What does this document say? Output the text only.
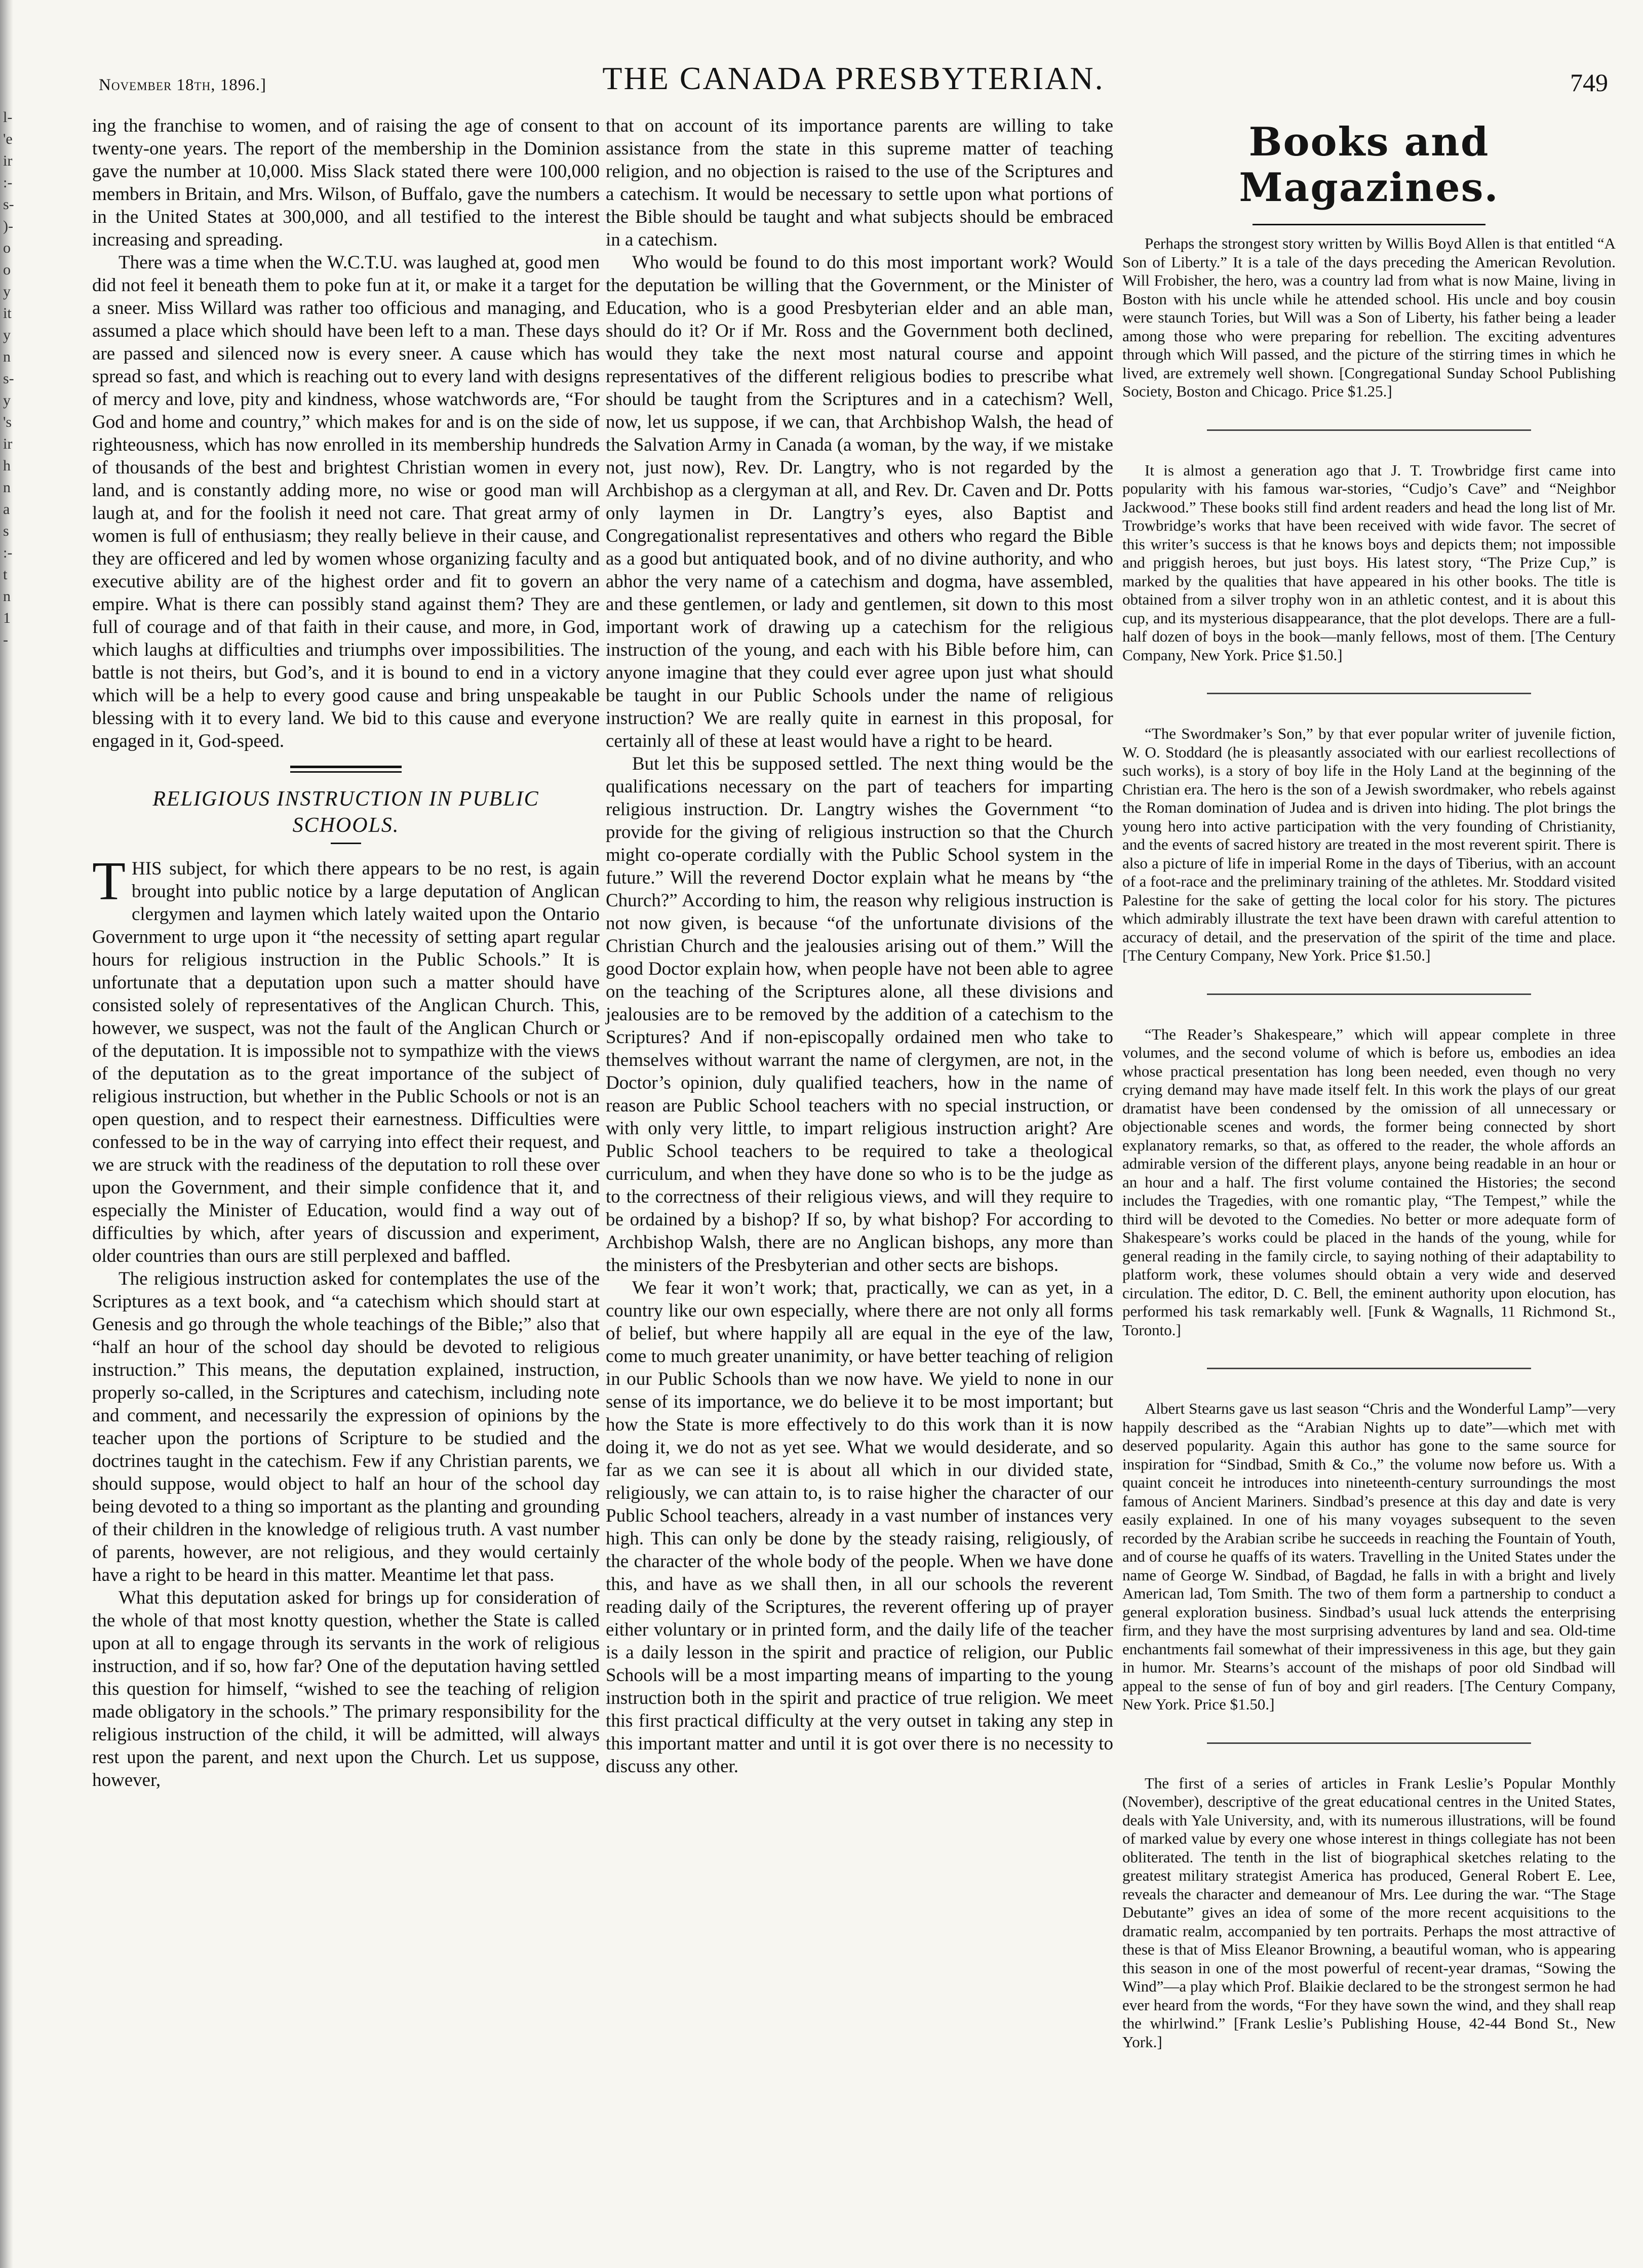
l-
'e
ir
:-
s-
)-
o
o
y
it
y
n
s-
y
's
ir
h
n
a
s
:-
t
n
1
-
November 18th, 1896.]	THE CANADA PRESBYTERIAN.	749

ing the franchise to women, and of raising the age of consent to twenty-one years. The report of the membership in the Dominion gave the number at 10,000. Miss Slack stated there were 100,000 members in Britain, and Mrs. Wilson, of Buffalo, gave the numbers in the United States at 300,000, and all testified to the interest increasing and spreading.

There was a time when the W.C.T.U. was laughed at, good men did not feel it beneath them to poke fun at it, or make it a target for a sneer. Miss Willard was rather too officious and managing, and assumed a place which should have been left to a man. These days are passed and silenced now is every sneer. A cause which has spread so fast, and which is reaching out to every land with designs of mercy and love, pity and kindness, whose watchwords are, “For God and home and country,” which makes for and is on the side of righteousness, which has now enrolled in its membership hundreds of thousands of the best and brightest Christian women in every land, and is constantly adding more, no wise or good man will laugh at, and for the foolish it need not care. That great army of women is full of enthusiasm; they really believe in their cause, and they are officered and led by women whose organizing faculty and executive ability are of the highest order and fit to govern an empire. What is there can possibly stand against them? They are full of courage and of that faith in their cause, and more, in God, which laughs at difficulties and triumphs over impossibilities. The battle is not theirs, but God’s, and it is bound to end in a victory which will be a help to every good cause and bring unspeakable blessing with it to every land. We bid to this cause and everyone engaged in it, God-speed.

RELIGIOUS INSTRUCTION IN PUBLIC SCHOOLS.

THIS subject, for which there appears to be no rest, is again brought into public notice by a large deputation of Anglican clergymen and laymen which lately waited upon the Ontario Government to urge upon it “the necessity of setting apart regular hours for religious instruction in the Public Schools.” It is unfortunate that a deputation upon such a matter should have consisted solely of representatives of the Anglican Church. This, however, we suspect, was not the fault of the Anglican Church or of the deputation. It is impossible not to sympathize with the views of the deputation as to the great importance of the subject of religious instruction, but whether in the Public Schools or not is an open question, and to respect their earnestness. Difficulties were confessed to be in the way of carrying into effect their request, and we are struck with the readiness of the deputation to roll these over upon the Government, and their simple confidence that it, and especially the Minister of Education, would find a way out of difficulties by which, after years of discussion and experiment, older countries than ours are still perplexed and baffled.

The religious instruction asked for contemplates the use of the Scriptures as a text book, and “a catechism which should start at Genesis and go through the whole teachings of the Bible;” also that “half an hour of the school day should be devoted to religious instruction.” This means, the deputation explained, instruction, properly so-called, in the Scriptures and catechism, including note and comment, and necessarily the expression of opinions by the teacher upon the portions of Scripture to be studied and the doctrines taught in the catechism. Few if any Christian parents, we should suppose, would object to half an hour of the school day being devoted to a thing so important as the planting and grounding of their children in the knowledge of religious truth. A vast number of parents, however, are not religious, and they would certainly have a right to be heard in this matter. Meantime let that pass.

What this deputation asked for brings up for consideration of the whole of that most knotty question, whether the State is called upon at all to engage through its servants in the work of religious instruction, and if so, how far? One of the deputation having settled this question for himself, “wished to see the teaching of religion made obligatory in the schools.” The primary responsibility for the religious instruction of the child, it will be admitted, will always rest upon the parent, and next upon the Church. Let us suppose, however,

that on account of its importance parents are willing to take assistance from the state in this supreme matter of teaching religion, and no objection is raised to the use of the Scriptures and a catechism. It would be necessary to settle upon what portions of the Bible should be taught and what subjects should be embraced in a catechism.

Who would be found to do this most important work? Would the deputation be willing that the Government, or the Minister of Education, who is a good Presbyterian elder and an able man, should do it? Or if Mr. Ross and the Government both declined, would they take the next most natural course and appoint representatives of the different religious bodies to prescribe what should be taught from the Scriptures and in a catechism? Well, now, let us suppose, if we can, that Archbishop Walsh, the head of the Salvation Army in Canada (a woman, by the way, if we mistake not, just now), Rev. Dr. Langtry, who is not regarded by the Archbishop as a clergyman at all, and Rev. Dr. Caven and Dr. Potts only laymen in Dr. Langtry’s eyes, also Baptist and Congregationalist representatives and others who regard the Bible as a good but antiquated book, and of no divine authority, and who abhor the very name of a catechism and dogma, have assembled, and these gentlemen, or lady and gentlemen, sit down to this most important work of drawing up a catechism for the religious instruction of the young, and each with his Bible before him, can anyone imagine that they could ever agree upon just what should be taught in our Public Schools under the name of religious instruction? We are really quite in earnest in this proposal, for certainly all of these at least would have a right to be heard.

But let this be supposed settled. The next thing would be the qualifications necessary on the part of teachers for imparting religious instruction. Dr. Langtry wishes the Government “to provide for the giving of religious instruction so that the Church might co-operate cordially with the Public School system in the future.” Will the reverend Doctor explain what he means by “the Church?” According to him, the reason why religious instruction is not now given, is because “of the unfortunate divisions of the Christian Church and the jealousies arising out of them.” Will the good Doctor explain how, when people have not been able to agree on the teaching of the Scriptures alone, all these divisions and jealousies are to be removed by the addition of a catechism to the Scriptures? And if non-episcopally ordained men who take to themselves without warrant the name of clergymen, are not, in the Doctor’s opinion, duly qualified teachers, how in the name of reason are Public School teachers with no special instruction, or with only very little, to impart religious instruction aright? Are Public School teachers to be required to take a theological curriculum, and when they have done so who is to be the judge as to the correctness of their religious views, and will they require to be ordained by a bishop? If so, by what bishop? For according to Archbishop Walsh, there are no Anglican bishops, any more than the ministers of the Presbyterian and other sects are bishops.

We fear it won’t work; that, practically, we can as yet, in a country like our own especially, where there are not only all forms of belief, but where happily all are equal in the eye of the law, come to much greater unanimity, or have better teaching of religion in our Public Schools than we now have. We yield to none in our sense of its importance, we do believe it to be most important; but how the State is more effectively to do this work than it is now doing it, we do not as yet see. What we would desiderate, and so far as we can see it is about all which in our divided state, religiously, we can attain to, is to raise higher the character of our Public School teachers, already in a vast number of instances very high. This can only be done by the steady raising, religiously, of the character of the whole body of the people. When we have done this, and have as we shall then, in all our schools the reverent reading daily of the Scriptures, the reverent offering up of prayer either voluntary or in printed form, and the daily life of the teacher is a daily lesson in the spirit and practice of religion, our Public Schools will be a most imparting means of imparting to the young instruction both in the spirit and practice of true religion. We meet this first practical difficulty at the very outset in taking any step in this important matter and until it is got over there is no necessity to discuss any other.

Books and Magazines.

Perhaps the strongest story written by Willis Boyd Allen is that entitled “A Son of Liberty.” It is a tale of the days preceding the American Revolution. Will Frobisher, the hero, was a country lad from what is now Maine, living in Boston with his uncle while he attended school. His uncle and boy cousin were staunch Tories, but Will was a Son of Liberty, his father being a leader among those who were preparing for rebellion. The exciting adventures through which Will passed, and the picture of the stirring times in which he lived, are extremely well shown. [Congregational Sunday School Publishing Society, Boston and Chicago. Price $1.25.]

It is almost a generation ago that J. T. Trowbridge first came into popularity with his famous war-stories, “Cudjo’s Cave” and “Neighbor Jackwood.” These books still find ardent readers and head the long list of Mr. Trowbridge’s works that have been received with wide favor. The secret of this writer’s success is that he knows boys and depicts them; not impossible and priggish heroes, but just boys. His latest story, “The Prize Cup,” is marked by the qualities that have appeared in his other books. The title is obtained from a silver trophy won in an athletic contest, and it is about this cup, and its mysterious disappearance, that the plot develops. There are a full-half dozen of boys in the book—manly fellows, most of them. [The Century Company, New York. Price $1.50.]

“The Swordmaker’s Son,” by that ever popular writer of juvenile fiction, W. O. Stoddard (he is pleasantly associated with our earliest recollections of such works), is a story of boy life in the Holy Land at the beginning of the Christian era. The hero is the son of a Jewish swordmaker, who rebels against the Roman domination of Judea and is driven into hiding. The plot brings the young hero into active participation with the very founding of Christianity, and the events of sacred history are treated in the most reverent spirit. There is also a picture of life in imperial Rome in the days of Tiberius, with an account of a foot-race and the preliminary training of the athletes. Mr. Stoddard visited Palestine for the sake of getting the local color for his story. The pictures which admirably illustrate the text have been drawn with careful attention to accuracy of detail, and the preservation of the spirit of the time and place. [The Century Company, New York. Price $1.50.]

“The Reader’s Shakespeare,” which will appear complete in three volumes, and the second volume of which is before us, embodies an idea whose practical presentation has long been needed, even though no very crying demand may have made itself felt. In this work the plays of our great dramatist have been condensed by the omission of all unnecessary or objectionable scenes and words, the former being connected by short explanatory remarks, so that, as offered to the reader, the whole affords an admirable version of the different plays, anyone being readable in an hour or an hour and a half. The first volume contained the Histories; the second includes the Tragedies, with one romantic play, “The Tempest,” while the third will be devoted to the Comedies. No better or more adequate form of Shakespeare’s works could be placed in the hands of the young, while for general reading in the family circle, to saying nothing of their adaptability to platform work, these volumes should obtain a very wide and deserved circulation. The editor, D. C. Bell, the eminent authority upon elocution, has performed his task remarkably well. [Funk & Wagnalls, 11 Richmond St., Toronto.]

Albert Stearns gave us last season “Chris and the Wonderful Lamp”—very happily described as the “Arabian Nights up to date”—which met with deserved popularity. Again this author has gone to the same source for inspiration for “Sindbad, Smith & Co.,” the volume now before us. With a quaint conceit he introduces into nineteenth-century surroundings the most famous of Ancient Mariners. Sindbad’s presence at this day and date is very easily explained. In one of his many voyages subsequent to the seven recorded by the Arabian scribe he succeeds in reaching the Fountain of Youth, and of course he quaffs of its waters. Travelling in the United States under the name of George W. Sindbad, of Bagdad, he falls in with a bright and lively American lad, Tom Smith. The two of them form a partnership to conduct a general exploration business. Sindbad’s usual luck attends the enterprising firm, and they have the most surprising adventures by land and sea. Old-time enchantments fail somewhat of their impressiveness in this age, but they gain in humor. Mr. Stearns’s account of the mishaps of poor old Sindbad will appeal to the sense of fun of boy and girl readers. [The Century Company, New York. Price $1.50.]

The first of a series of articles in Frank Leslie’s Popular Monthly (November), descriptive of the great educational centres in the United States, deals with Yale University, and, with its numerous illustrations, will be found of marked value by every one whose interest in things collegiate has not been obliterated. The tenth in the list of biographical sketches relating to the greatest military strategist America has produced, General Robert E. Lee, reveals the character and demeanour of Mrs. Lee during the war. “The Stage Debutante” gives an idea of some of the more recent acquisitions to the dramatic realm, accompanied by ten portraits. Perhaps the most attractive of these is that of Miss Eleanor Browning, a beautiful woman, who is appearing this season in one of the most powerful of recent-year dramas, “Sowing the Wind”—a play which Prof. Blaikie declared to be the strongest sermon he had ever heard from the words, “For they have sown the wind, and they shall reap the whirlwind.” [Frank Leslie’s Publishing House, 42-44 Bond St., New York.]
